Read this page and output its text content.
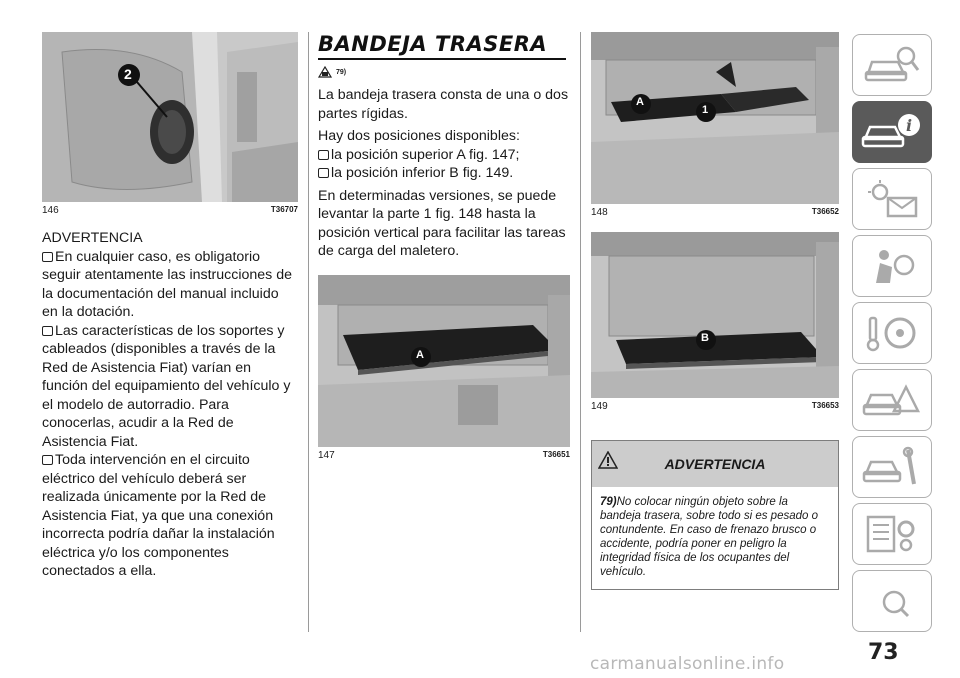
2
146	T36707

ADVERTENCIA

En cualquier caso, es obligatorio seguir atentamente las instrucciones de la documentación del manual incluido en la dotación.

Las características de los soportes y cableados (disponibles a través de la Red de Asistencia Fiat) varían en función del equipamiento del vehículo y el modelo de autorradio. Para conocerlas, acudir a la Red de Asistencia Fiat.

Toda intervención en el circuito eléctrico del vehículo deberá ser realizada únicamente por la Red de Asistencia Fiat, ya que una conexión incorrecta podría dañar la instalación eléctrica y/o los componentes conectados a ella.

BANDEJA TRASERA
79)

La bandeja trasera consta de una o dos partes rígidas.

Hay dos posiciones disponibles:

la posición superior A fig. 147;

la posición inferior B fig. 149.

En determinadas versiones, se puede levantar la parte 1 fig. 148 hasta la posición vertical para facilitar las tareas de carga del maletero.

A
147	T36651
A
1
148	T36652
B
149	T36653
ADVERTENCIA
79)No colocar ningún objeto sobre la bandeja trasera, sobre todo si es pesado o contundente. En caso de frenazo brusco o accidente, podría poner en peligro la integridad física de los ocupantes del vehículo.
i
73
carmanualsonline.info
